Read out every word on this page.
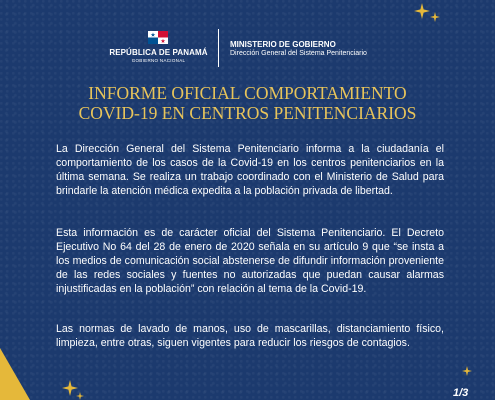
REPÚBLICA DE PANAMÁ
GOBIERNO NACIONAL
MINISTERIO DE GOBIERNO
Dirección General del Sistema Penitenciario
INFORME OFICIAL COMPORTAMIENTO
COVID-19 EN CENTROS PENITENCIARIOS

La Dirección General del Sistema Penitenciario informa a la ciudadanía el comportamiento de los casos de la Covid-19 en los centros penitenciarios en la última semana. Se realiza un trabajo coordinado con el Ministerio de Salud para brindarle la atención médica expedita a la población privada de libertad.

Esta información es de carácter oficial del Sistema Penitenciario. El Decreto Ejecutivo No 64 del 28 de enero de 2020 señala en su artículo 9 que “se insta a los medios de comunicación social abstenerse de difundir información proveniente de las redes sociales y fuentes no autorizadas que puedan causar alarmas injustificadas en la población” con relación al tema de la Covid-19.

Las normas de lavado de manos, uso de mascarillas, distanciamiento físico, limpieza, entre otras, siguen vigentes para reducir los riesgos de contagios.

1/3
